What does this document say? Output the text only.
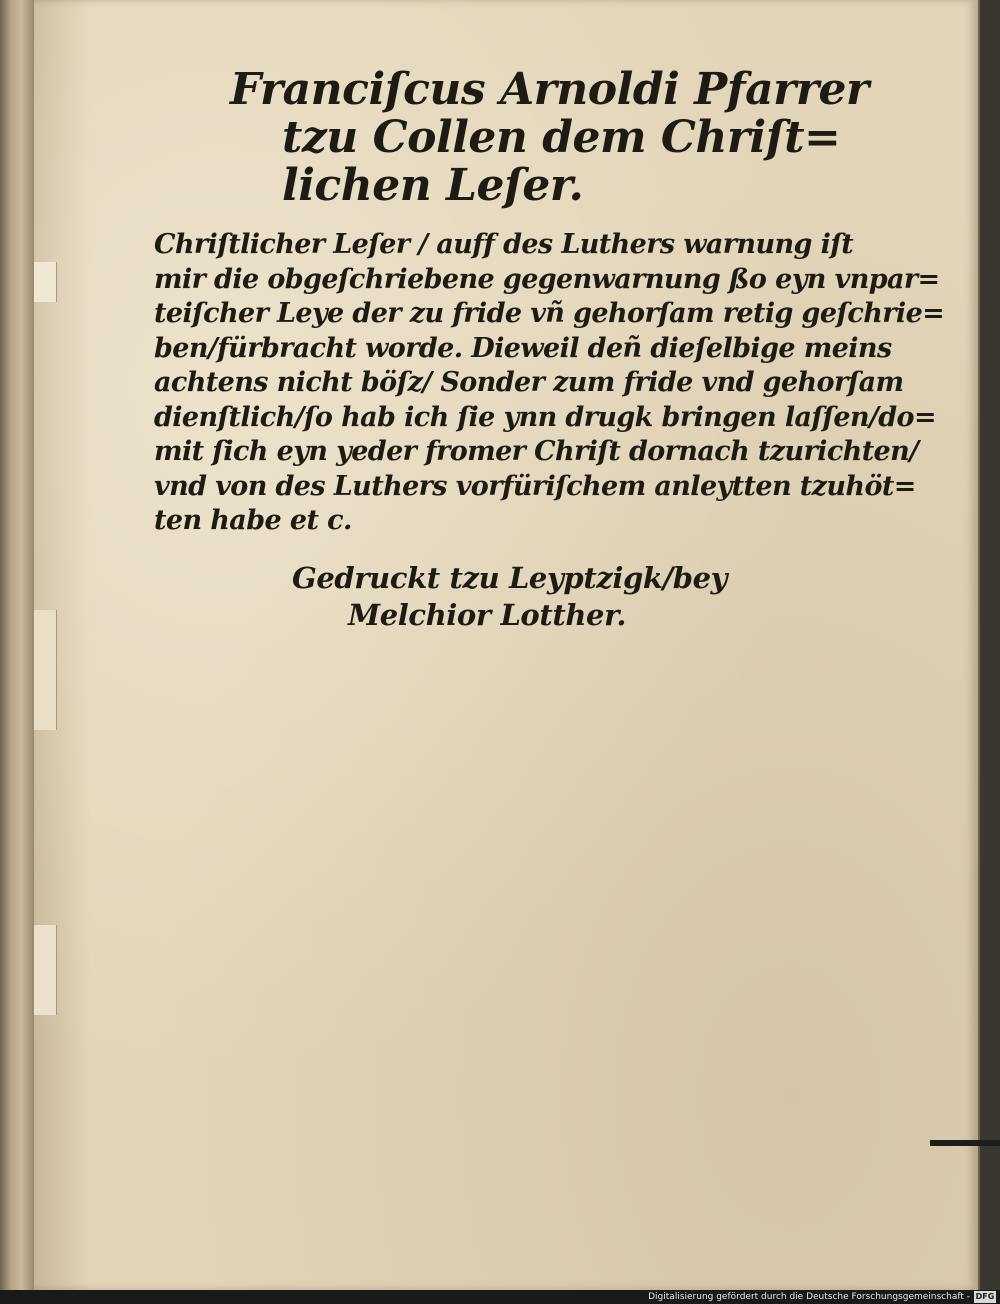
Franciſcus Arnoldi Pfarrer
tzu Collen dem Chriſt=
lichen Leſer.
Chriſtlicher Leſer / auff des Luthers warnung iſt
mir die obgeſchriebene gegenwarnung ßo eyn vnpar=
teiſcher Leye der zu fride vñ gehorſam retig geſchrie=
ben/fürbracht worde. Dieweil deñ dieſelbige meins
achtens nicht böſz/ Sonder zum fride vnd gehorſam
dienſtlich/ſo hab ich ſie ynn drugk bringen laſſen/do=
mit ſich eyn yeder fromer Chriſt dornach tzurichten/
vnd von des Luthers vorfüriſchem anleytten tzuhöt=
ten habe et c.
Gedruckt tzu Leyptzigk/bey
Melchior Lotther.
Digitalisierung gefördert durch die Deutsche Forschungsgemeinschaft - DFG
